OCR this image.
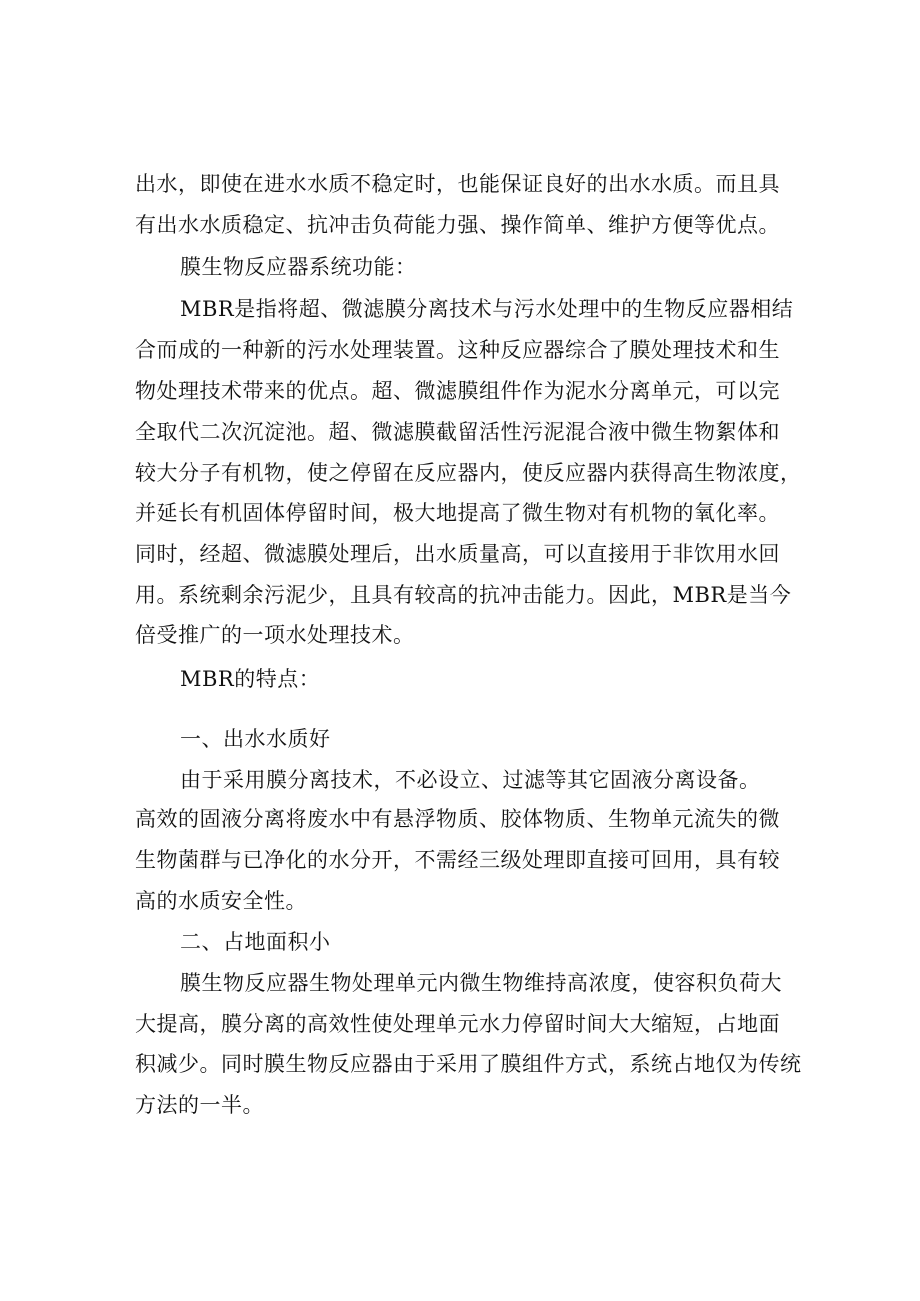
出水，即使在进水水质不稳定时，也能保证良好的出水水质。而且具

有出水水质稳定、抗冲击负荷能力强、操作简单、维护方便等优点。

膜生物反应器系统功能：

MBR是指将超、微滤膜分离技术与污水处理中的生物反应器相结

合而成的一种新的污水处理装置。这种反应器综合了膜处理技术和生

物处理技术带来的优点。超、微滤膜组件作为泥水分离单元，可以完

全取代二次沉淀池。超、微滤膜截留活性污泥混合液中微生物絮体和

较大分子有机物，使之停留在反应器内，使反应器内获得高生物浓度，

并延长有机固体停留时间，极大地提高了微生物对有机物的氧化率。

同时，经超、微滤膜处理后，出水质量高，可以直接用于非饮用水回

用。系统剩余污泥少，且具有较高的抗冲击能力。因此，MBR是当今

倍受推广的一项水处理技术。

MBR的特点：

一、出水水质好

由于采用膜分离技术，不必设立、过滤等其它固液分离设备。

高效的固液分离将废水中有悬浮物质、胶体物质、生物单元流失的微

生物菌群与已净化的水分开，不需经三级处理即直接可回用，具有较

高的水质安全性。

二、占地面积小

膜生物反应器生物处理单元内微生物维持高浓度，使容积负荷大

大提高，膜分离的高效性使处理单元水力停留时间大大缩短，占地面

积减少。同时膜生物反应器由于采用了膜组件方式，系统占地仅为传统

方法的一半。
